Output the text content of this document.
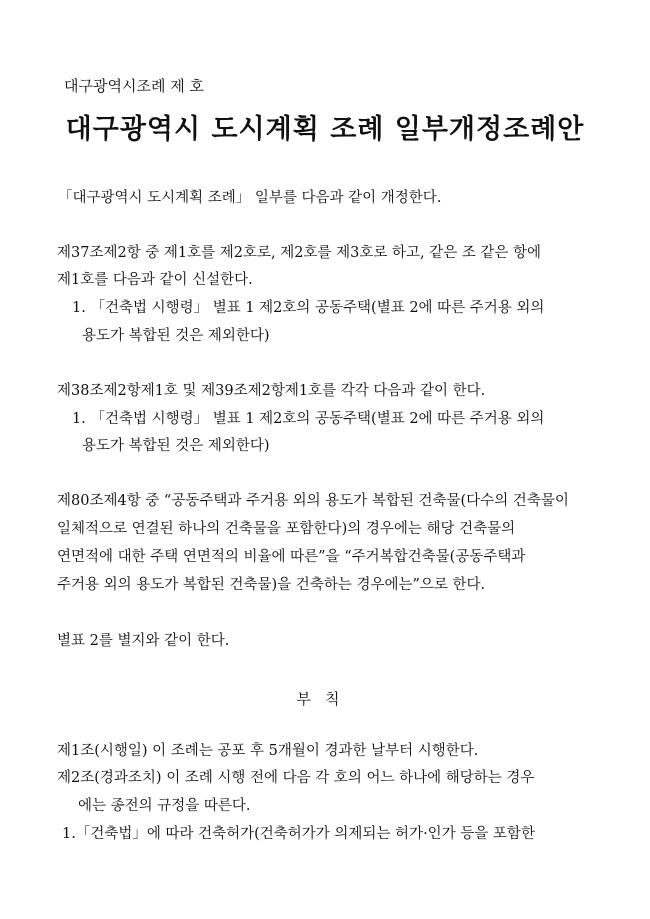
대구광역시조례 제 호
대구광역시 도시계획 조례 일부개정조례안
「대구광역시 도시계획 조례」 일부를 다음과 같이 개정한다.
제37조제2항 중 제1호를 제2호로, 제2호를 제3호로 하고, 같은 조 같은 항에
제1호를 다음과 같이 신설한다.
1. 「건축법 시행령」 별표 1 제2호의 공동주택(별표 2에 따른 주거용 외의
용도가 복합된 것은 제외한다)
제38조제2항제1호 및 제39조제2항제1호를 각각 다음과 같이 한다.
1. 「건축법 시행령」 별표 1 제2호의 공동주택(별표 2에 따른 주거용 외의
용도가 복합된 것은 제외한다)
제80조제4항 중 “공동주택과 주거용 외의 용도가 복합된 건축물(다수의 건축물이
일체적으로 연결된 하나의 건축물을 포함한다)의 경우에는 해당 건축물의
연면적에 대한 주택 연면적의 비율에 따른”을 “주거복합건축물(공동주택과
주거용 외의 용도가 복합된 건축물)을 건축하는 경우에는”으로 한다.
별표 2를 별지와 같이 한다.
부칙
제1조(시행일) 이 조례는 공포 후 5개월이 경과한 날부터 시행한다.
제2조(경과조치) 이 조례 시행 전에 다음 각 호의 어느 하나에 해당하는 경우
에는 종전의 규정을 따른다.
1.「건축법」에 따라 건축허가(건축허가가 의제되는 허가·인가 등을 포함한
